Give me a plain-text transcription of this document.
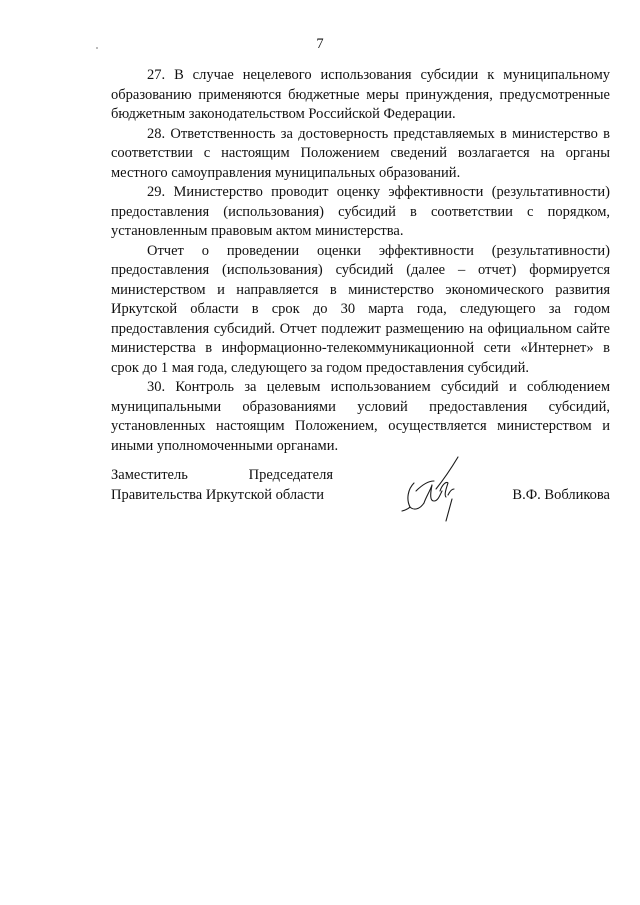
7

27. В случае нецелевого использования субсидии к муниципальному образованию применяются бюджетные меры принуждения, предусмотренные бюджетным законодательством Российской Федерации.

28. Ответственность за достоверность представляемых в министерство в соответствии с настоящим Положением сведений возлагается на органы местного самоуправления муниципальных образований.

29. Министерство проводит оценку эффективности (результативности) предоставления (использования) субсидий в соответствии с порядком, установленным правовым актом министерства.

Отчет о проведении оценки эффективности (результативности) предоставления (использования) субсидий (далее – отчет) формируется министерством и направляется в министерство экономического развития Иркутской области в срок до 30 марта года, следующего за годом предоставления субсидий. Отчет подлежит размещению на официальном сайте министерства в информационно-телекоммуникационной сети «Интернет» в срок до 1 мая года, следующего за годом предоставления субсидий.

30. Контроль за целевым использованием субсидий и соблюдением муниципальными образованиями условий предоставления субсидий, установленных настоящим Положением, осуществляется министерством и иными уполномоченными органами.

Заместитель	Председателя
Правительства Иркутской области	В.Ф. Вобликова
